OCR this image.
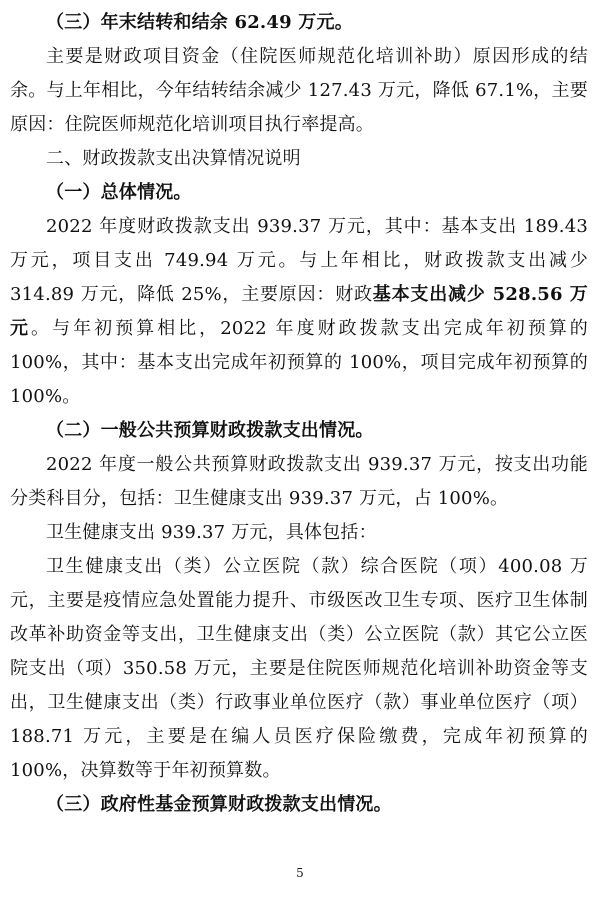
（三）年末结转和结余 62.49 万元。

主要是财政项目资金（住院医师规范化培训补助）原因形成的结余。与上年相比，今年结转结余减少 127.43 万元，降低 67.1%，主要原因：住院医师规范化培训项目执行率提高。

二、财政拨款支出决算情况说明

（一）总体情况。

2022 年度财政拨款支出 939.37 万元，其中：基本支出 189.43 万元，项目支出 749.94 万元。与上年相比，财政拨款支出减少 314.89 万元，降低 25%，主要原因：财政基本支出减少 528.56 万元。与年初预算相比，2022 年度财政拨款支出完成年初预算的 100%，其中：基本支出完成年初预算的 100%，项目完成年初预算的 100%。

（二）一般公共预算财政拨款支出情况。

2022 年度一般公共预算财政拨款支出 939.37 万元，按支出功能分类科目分，包括：卫生健康支出 939.37 万元，占 100%。

卫生健康支出 939.37 万元，具体包括：

卫生健康支出（类）公立医院（款）综合医院（项）400.08 万元，主要是疫情应急处置能力提升、市级医改卫生专项、医疗卫生体制改革补助资金等支出，卫生健康支出（类）公立医院（款）其它公立医院支出（项）350.58 万元，主要是住院医师规范化培训补助资金等支出，卫生健康支出（类）行政事业单位医疗（款）事业单位医疗（项）188.71 万元，主要是在编人员医疗保险缴费，完成年初预算的 100%，决算数等于年初预算数。

（三）政府性基金预算财政拨款支出情况。

5
